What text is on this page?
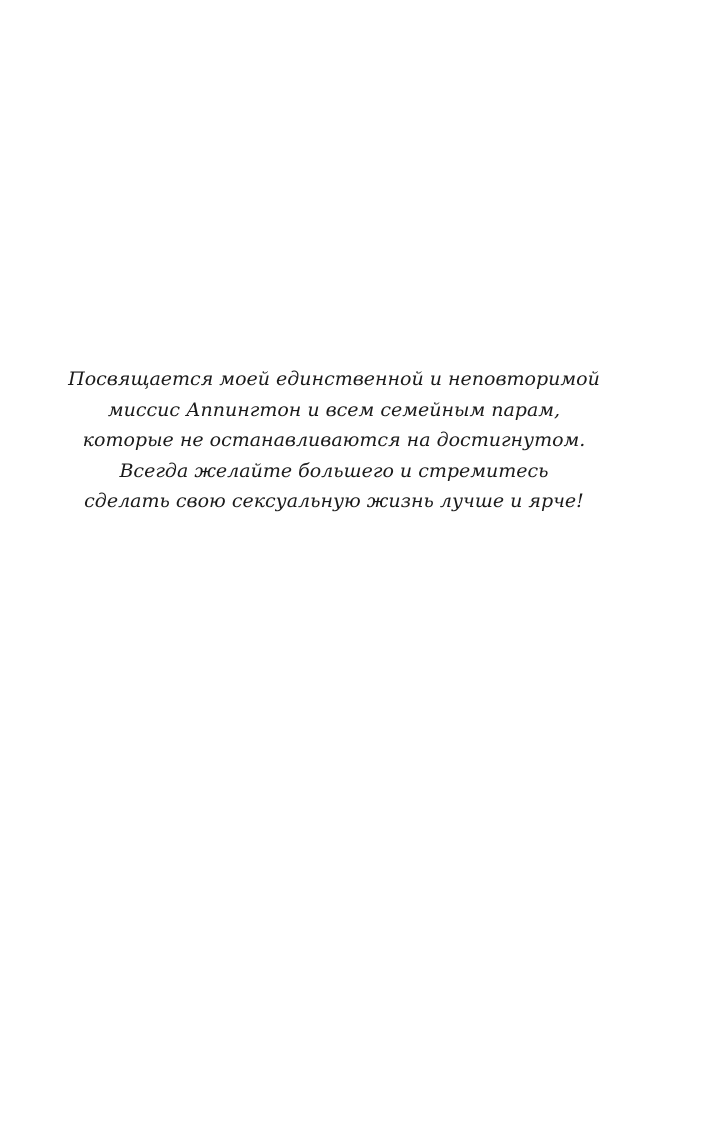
Посвящается моей единственной и неповторимой
миссис Аппингтон и всем семейным парам,
которые не останавливаются на достигнутом.
Всегда желайте большего и стремитесь
сделать свою сексуальную жизнь лучше и ярче!
